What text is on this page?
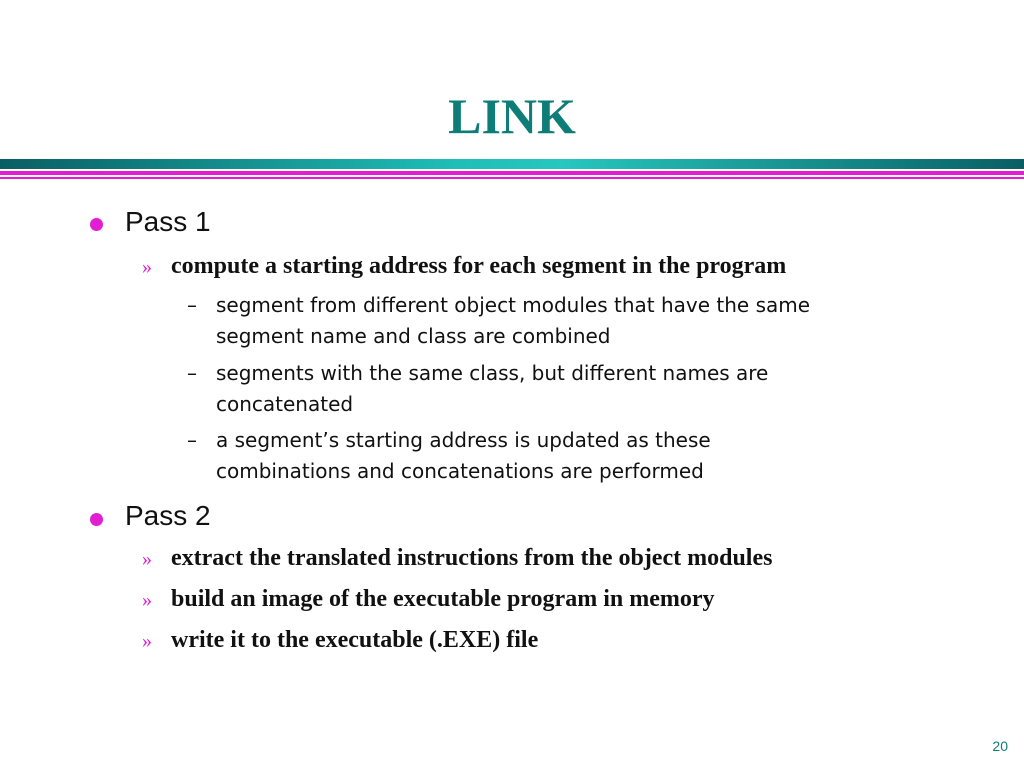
LINK
Pass 1
» compute a starting address for each segment in the program
– segment from different object modules that have the same
segment name and class are combined
– segments with the same class, but different names are
concatenated
– a segment’s starting address is updated as these
combinations and concatenations are performed
Pass 2
» extract the translated instructions from the object modules
» build an image of the executable program in memory
» write it to the executable (.EXE) file
20
